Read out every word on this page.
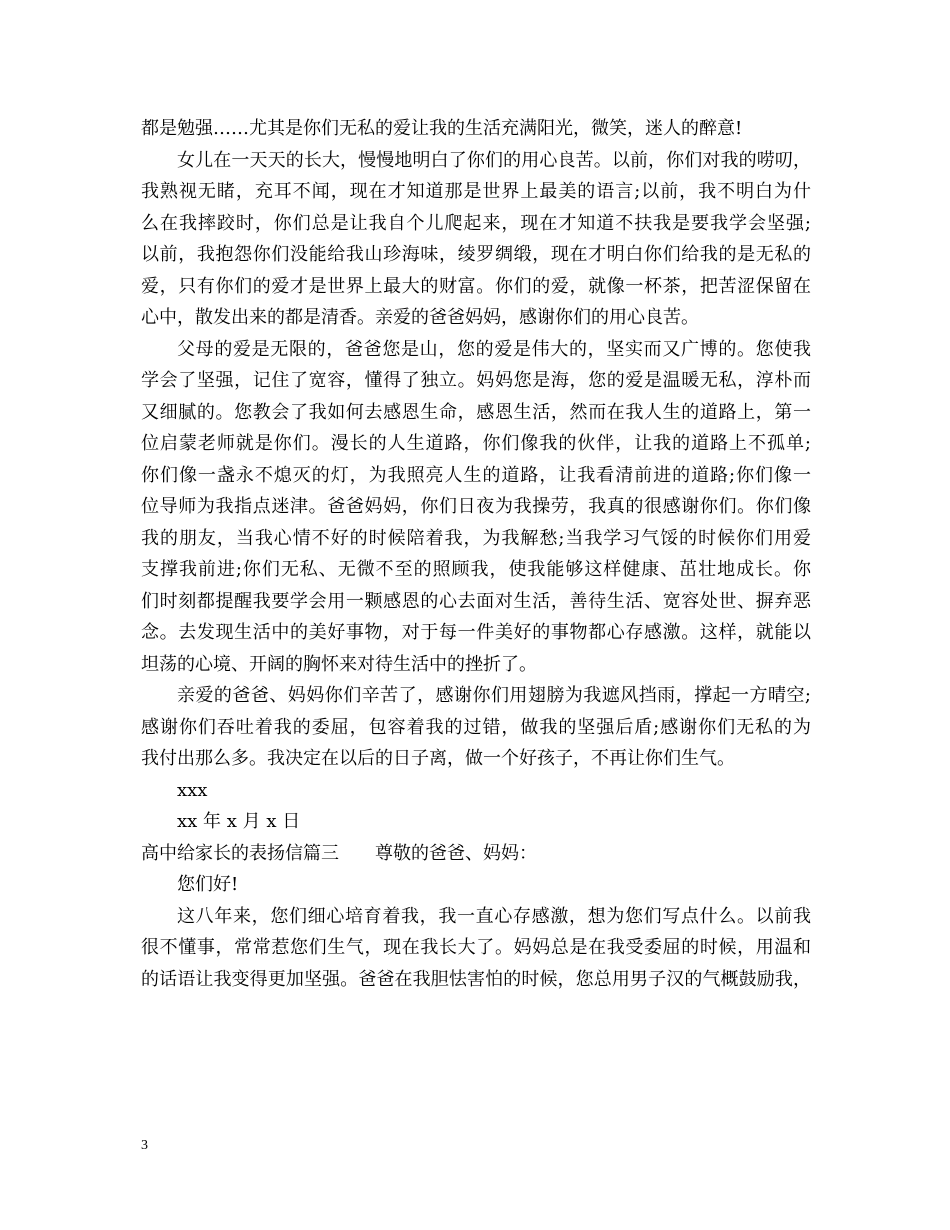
都是勉强……尤其是你们无私的爱让我的生活充满阳光，微笑，迷人的醉意!
女儿在一天天的长大，慢慢地明白了你们的用心良苦。以前，你们对我的唠叨，
我熟视无睹，充耳不闻，现在才知道那是世界上最美的语言;以前，我不明白为什
么在我摔跤时，你们总是让我自个儿爬起来，现在才知道不扶我是要我学会坚强;
以前，我抱怨你们没能给我山珍海味，绫罗绸缎，现在才明白你们给我的是无私的
爱，只有你们的爱才是世界上最大的财富。你们的爱，就像一杯茶，把苦涩保留在
心中，散发出来的都是清香。亲爱的爸爸妈妈，感谢你们的用心良苦。
父母的爱是无限的，爸爸您是山，您的爱是伟大的，坚实而又广博的。您使我
学会了坚强，记住了宽容，懂得了独立。妈妈您是海，您的爱是温暖无私，淳朴而
又细腻的。您教会了我如何去感恩生命，感恩生活，然而在我人生的道路上，第一
位启蒙老师就是你们。漫长的人生道路，你们像我的伙伴，让我的道路上不孤单;
你们像一盏永不熄灭的灯，为我照亮人生的道路，让我看清前进的道路;你们像一
位导师为我指点迷津。爸爸妈妈，你们日夜为我操劳，我真的很感谢你们。你们像
我的朋友，当我心情不好的时候陪着我，为我解愁;当我学习气馁的时候你们用爱
支撑我前进;你们无私、无微不至的照顾我，使我能够这样健康、茁壮地成长。你
们时刻都提醒我要学会用一颗感恩的心去面对生活，善待生活、宽容处世、摒弃恶
念。去发现生活中的美好事物，对于每一件美好的事物都心存感激。这样，就能以
坦荡的心境、开阔的胸怀来对待生活中的挫折了。
亲爱的爸爸、妈妈你们辛苦了，感谢你们用翅膀为我遮风挡雨，撑起一方晴空;
感谢你们吞吐着我的委屈，包容着我的过错，做我的坚强后盾;感谢你们无私的为
我付出那么多。我决定在以后的日子离，做一个好孩子，不再让你们生气。
xxx
xx 年 x 月 x 日
高中给家长的表扬信篇三　　尊敬的爸爸、妈妈：
您们好!
这八年来，您们细心培育着我，我一直心存感激，想为您们写点什么。以前我
很不懂事，常常惹您们生气，现在我长大了。妈妈总是在我受委屈的时候，用温和
的话语让我变得更加坚强。爸爸在我胆怯害怕的时候，您总用男子汉的气概鼓励我，
3
